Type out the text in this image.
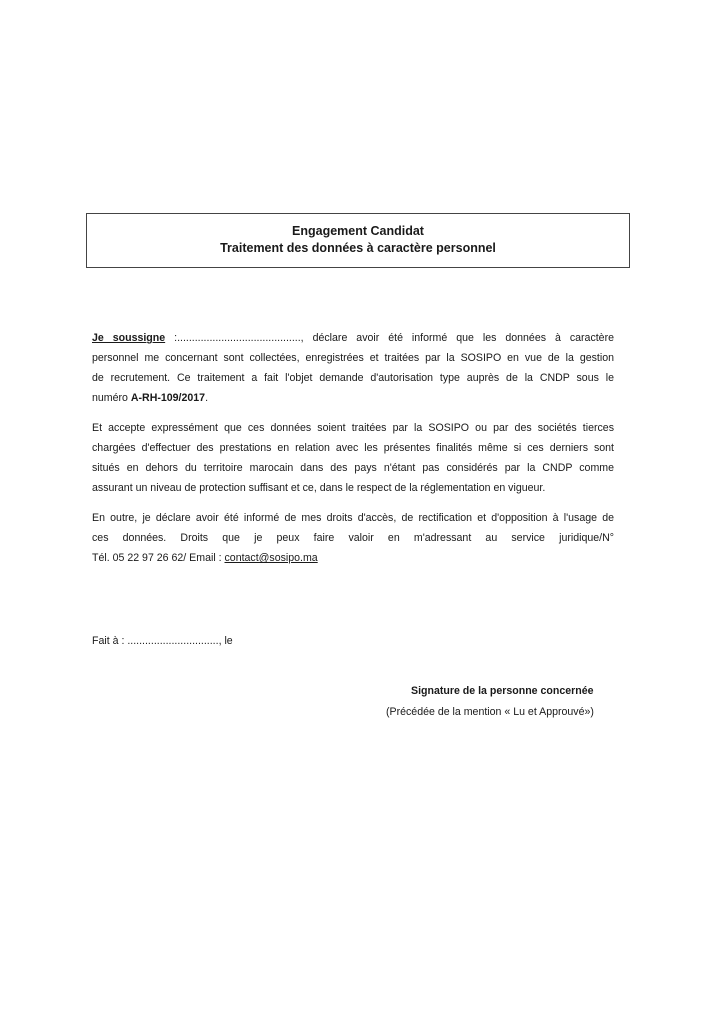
Engagement Candidat
Traitement des données à caractère personnel
Je soussigne :.........................................., déclare avoir été informé que les données à caractère
personnel me concernant sont collectées, enregistrées et traitées par la SOSIPO en vue de la gestion
de recrutement. Ce traitement a fait l'objet demande d'autorisation type auprès de la CNDP sous le
numéro A-RH-109/2017.
Et accepte expressément que ces données soient traitées par la SOSIPO ou par des sociétés tierces
chargées d'effectuer des prestations en relation avec les présentes finalités même si ces derniers sont
situés en dehors du territoire marocain dans des pays n'étant pas considérés par la CNDP comme
assurant un niveau de protection suffisant et ce, dans le respect de la réglementation en vigueur.
En outre, je déclare avoir été informé de mes droits d'accès, de rectification et d'opposition à l'usage de
ces données. Droits que je peux faire valoir en m'adressant au service juridique/N°
Tél. 05 22 97 26 62/ Email : contact@sosipo.ma
Fait à : ..............................., le
Signature de la personne concernée
(Précédée de la mention « Lu et Approuvé»)
